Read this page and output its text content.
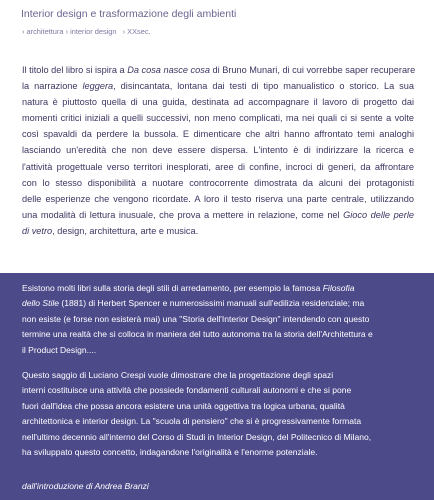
Interior design e trasformazione degli ambienti
› architettura › interior design › XXsec.
Il titolo del libro si ispira a Da cosa nasce cosa di Bruno Munari, di cui vorrebbe saper recuperare
la narrazione leggera, disincantata, lontana dai testi di tipo manualistico o storico. La sua
natura è piuttosto quella di una guida, destinata ad accompagnare il lavoro di progetto dai
momenti critici iniziali a quelli successivi, non meno complicati, ma nei quali ci si sente a volte
così spavaldi da perdere la bussola. E dimenticare che altri hanno affrontato temi analoghi
lasciando un'eredità che non deve essere dispersa. L'intento è di indirizzare la ricerca e
l'attività progettuale verso territori inesplorati, aree di confine, incroci di generi, da affrontare
con lo stesso disponibilità a nuotare controcorrente dimostrata da alcuni dei protagonisti
delle esperienze che vengono ricordate. A loro il testo riserva una parte centrale, utilizzando
una modalità di lettura inusuale, che prova a mettere in relazione, come nel Gioco delle perle
di vetro, design, architettura, arte e musica.
Esistono molti libri sulla storia degli stili di arredamento, per esempio la famosa Filosofia
dello Stile (1881) di Herbert Spencer e numerosissimi manuali sull'edilizia residenziale; ma
non esiste (e forse non esisterà mai) una "Storia dell'Interior Design" intendendo con questo
termine una realtà che si colloca in maniera del tutto autonoma tra la storia dell'Architettura e
il Product Design....
Questo saggio di Luciano Crespi vuole dimostrare che la progettazione degli spazi
interni costituisce una attività che possiede fondamenti culturali autonomi e che si pone
fuori dall'idea che possa ancora esistere una unità oggettiva tra logica urbana, qualità
architettonica e interior design. La "scuola di pensiero" che si è progressivamente formata
nell'ultimo decennio all'interno del Corso di Studi in Interior Design, del Politecnico di Milano,
ha sviluppato questo concetto, indagandone l'originalità e l'enorme potenziale.
dall'introduzione di Andrea Branzi
